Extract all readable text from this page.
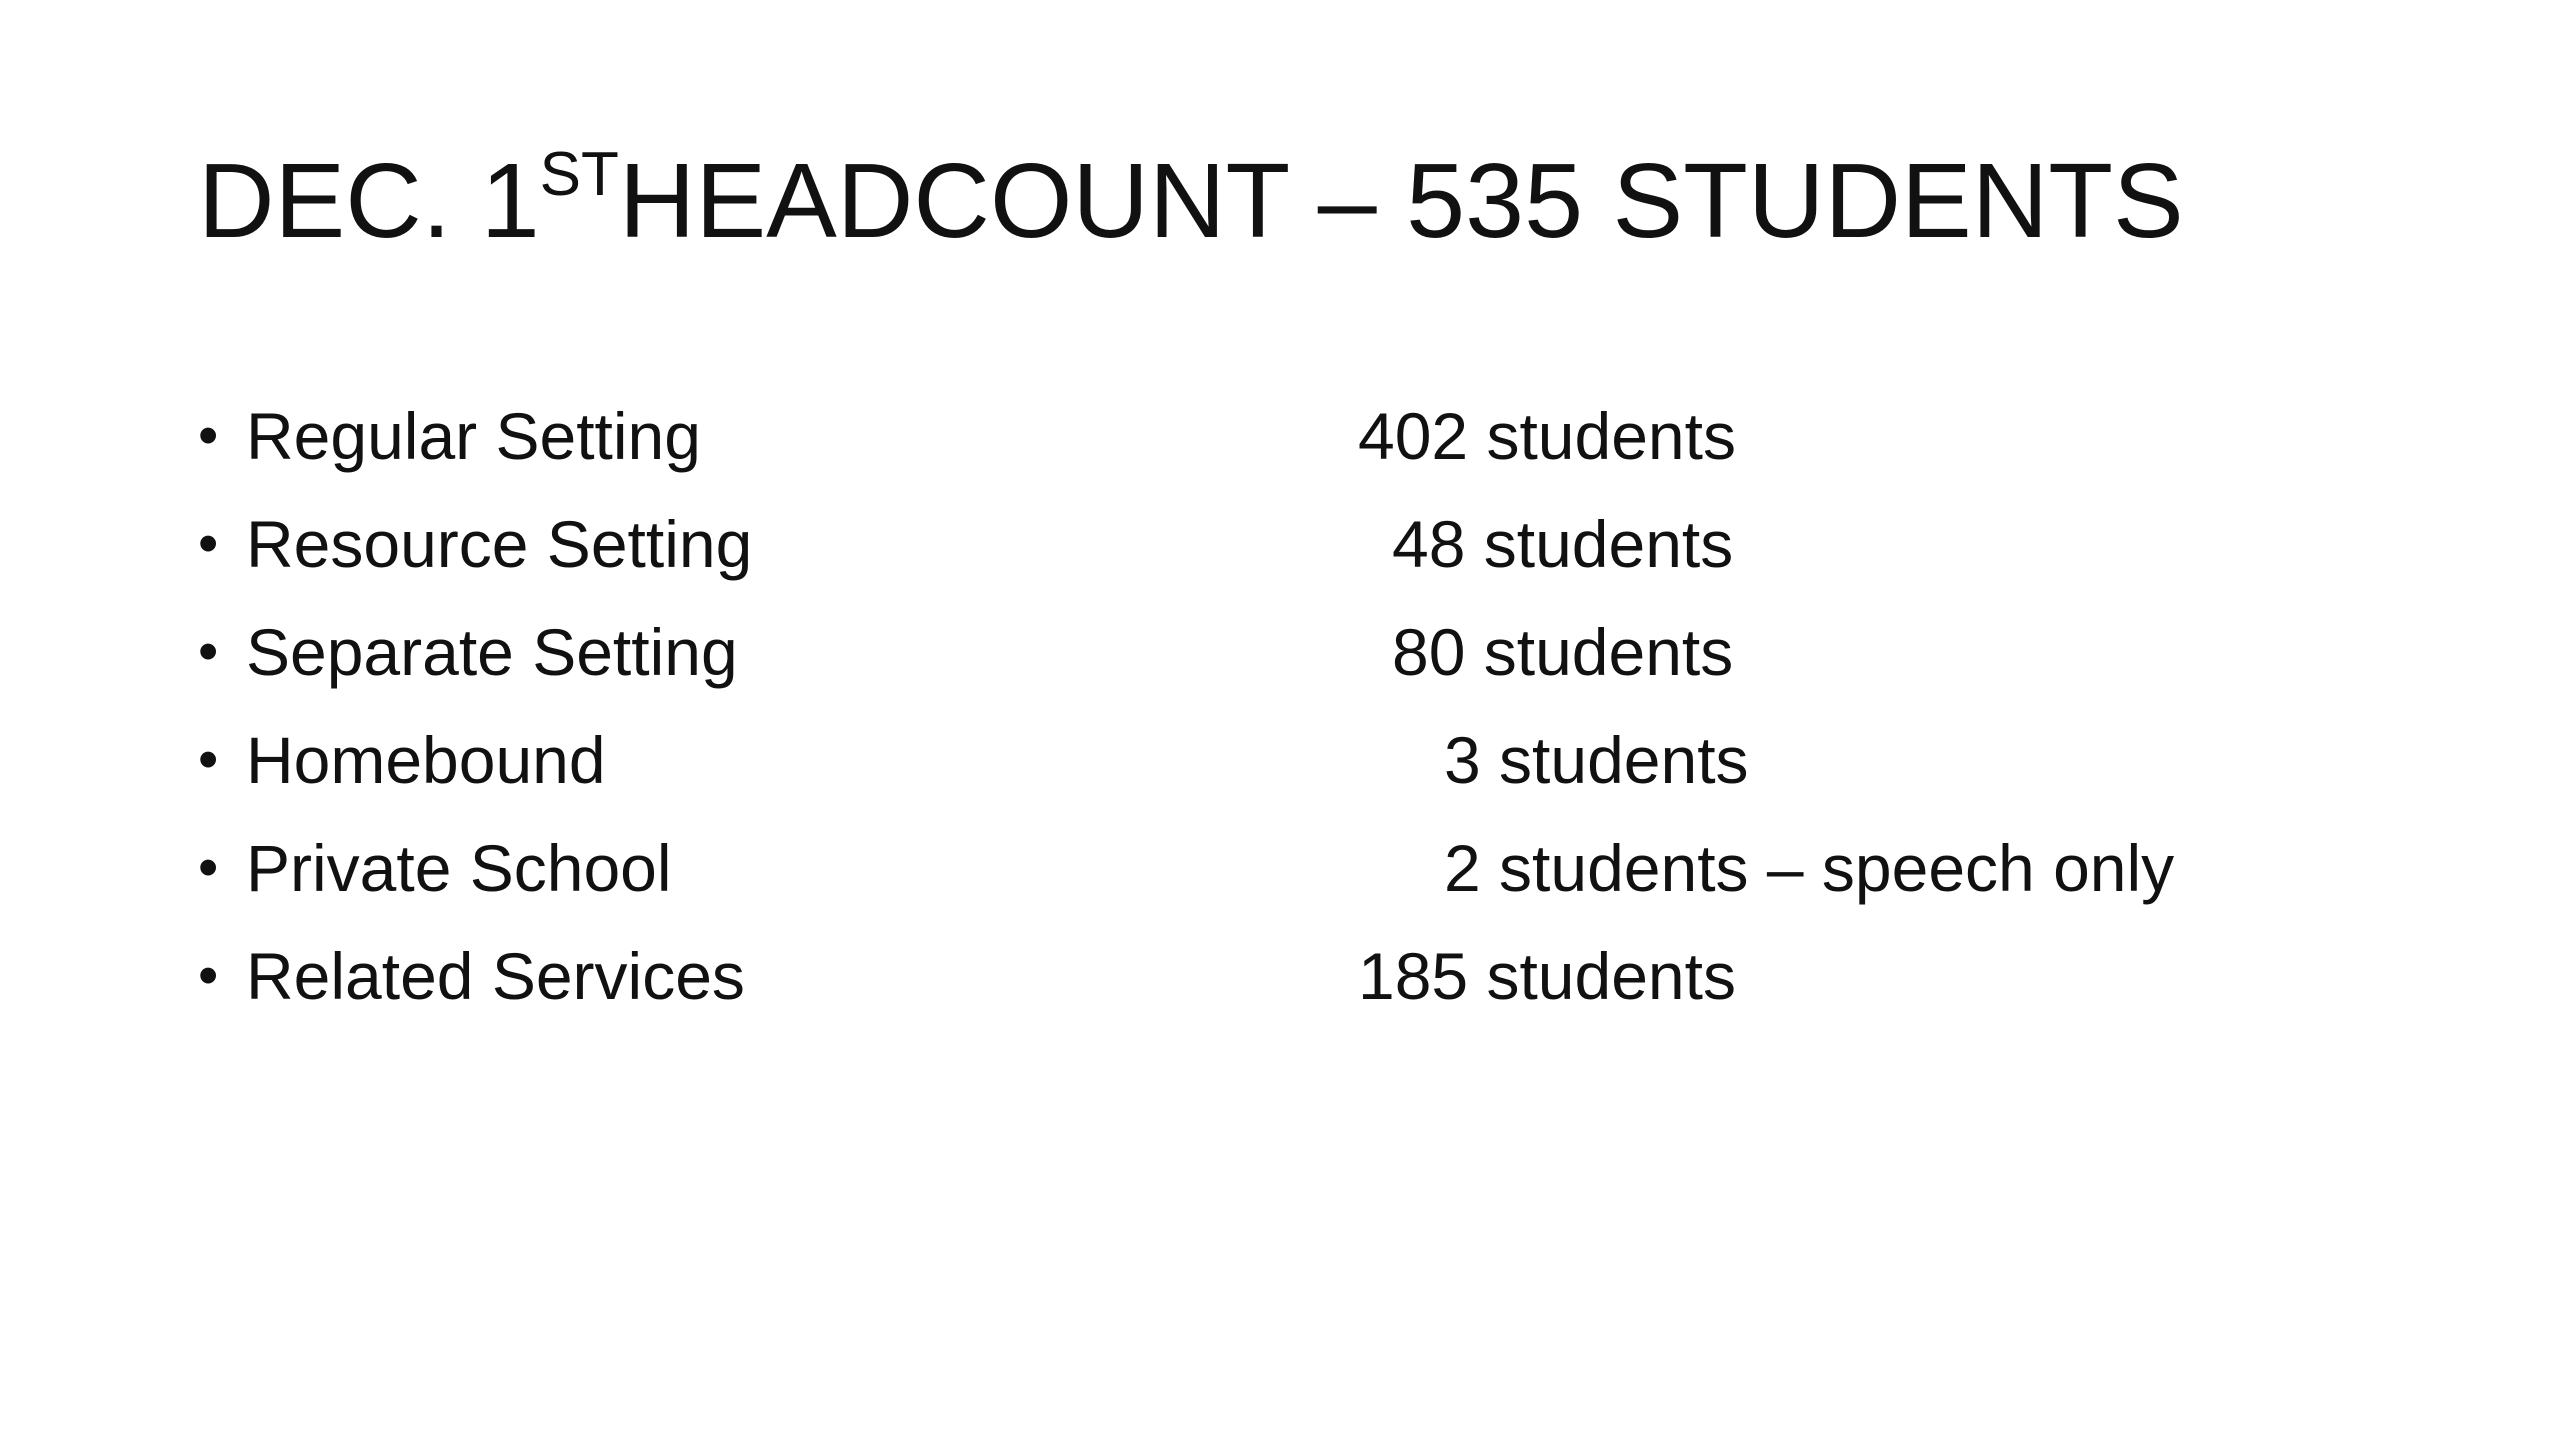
DEC. 1STHEADCOUNT – 535 STUDENTS
• Regular Setting	402 students
• Resource Setting	48 students
• Separate Setting	80 students
• Homebound	3 students
• Private School	2 students – speech only
• Related Services	185 students
